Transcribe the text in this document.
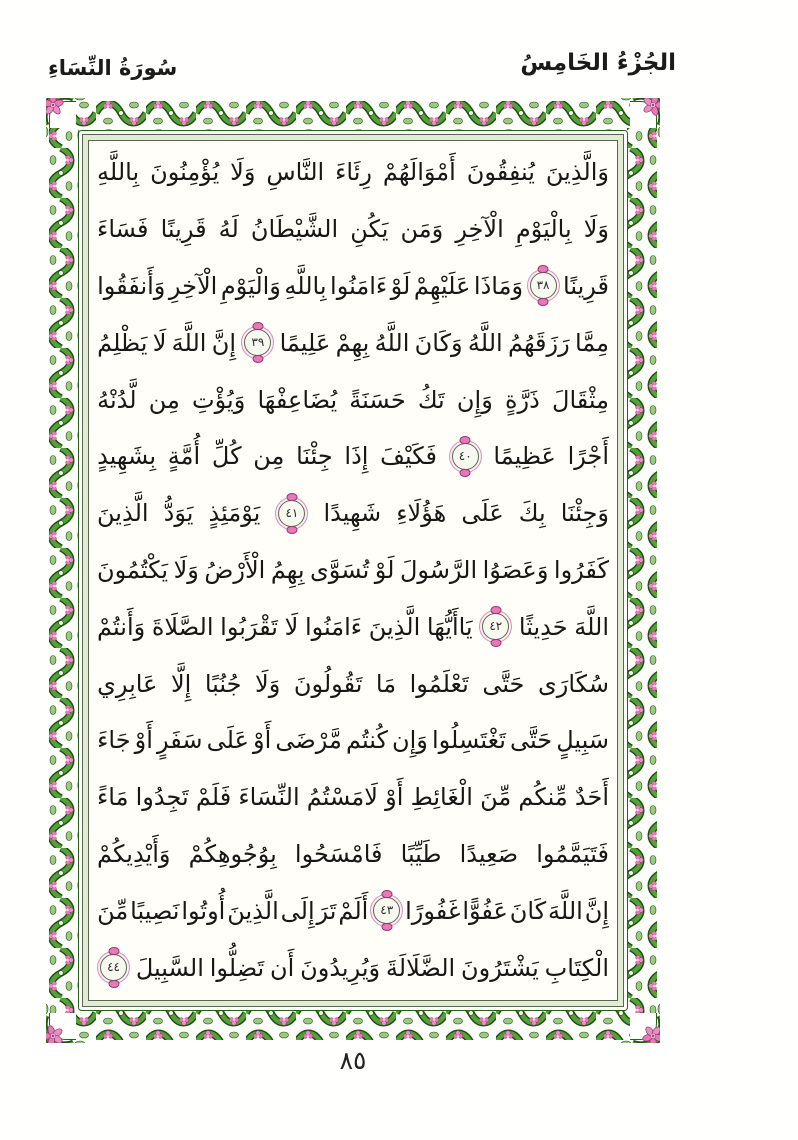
الجُزْءُ الخَامِسُ
سُورَةُ النِّسَاءِ
وَالَّذِينَ
يُنفِقُونَ
أَمْوَالَهُمْ
رِئَاءَ
النَّاسِ
وَلَا
يُؤْمِنُونَ
بِاللَّهِ
وَلَا
بِالْيَوْمِ
الْآخِرِ
وَمَن
يَكُنِ
الشَّيْطَانُ
لَهُ
قَرِينًا
فَسَاءَ
قَرِينًا
٣٨
وَمَاذَا
عَلَيْهِمْ
لَوْ
ءَامَنُوا
بِاللَّهِ
وَالْيَوْمِ
الْآخِرِ
وَأَنفَقُوا
مِمَّا
رَزَقَهُمُ
اللَّهُ
وَكَانَ
اللَّهُ
بِهِمْ
عَلِيمًا
٣٩
إِنَّ
اللَّهَ
لَا
يَظْلِمُ
مِثْقَالَ
ذَرَّةٍ
وَإِن
تَكُ
حَسَنَةً
يُضَاعِفْهَا
وَيُؤْتِ
مِن
لَّدُنْهُ
أَجْرًا
عَظِيمًا
٤٠
فَكَيْفَ
إِذَا
جِئْنَا
مِن
كُلِّ
أُمَّةٍ
بِشَهِيدٍ
وَجِئْنَا
بِكَ
عَلَى
هَؤُلَاءِ
شَهِيدًا
٤١
يَوْمَئِذٍ
يَوَدُّ
الَّذِينَ
كَفَرُوا
وَعَصَوُا
الرَّسُولَ
لَوْ
تُسَوَّى
بِهِمُ
الْأَرْضُ
وَلَا
يَكْتُمُونَ
اللَّهَ
حَدِيثًا
٤٢
يَاأَيُّهَا
الَّذِينَ
ءَامَنُوا
لَا
تَقْرَبُوا
الصَّلَاةَ
وَأَنتُمْ
سُكَارَى
حَتَّى
تَعْلَمُوا
مَا
تَقُولُونَ
وَلَا
جُنُبًا
إِلَّا
عَابِرِي
سَبِيلٍ
حَتَّى
تَغْتَسِلُوا
وَإِن
كُنتُم
مَّرْضَى
أَوْ
عَلَى
سَفَرٍ
أَوْ
جَاءَ
أَحَدٌ
مِّنكُم
مِّنَ
الْغَائِطِ
أَوْ
لَامَسْتُمُ
النِّسَاءَ
فَلَمْ
تَجِدُوا
مَاءً
فَتَيَمَّمُوا
صَعِيدًا
طَيِّبًا
فَامْسَحُوا
بِوُجُوهِكُمْ
وَأَيْدِيكُمْ
إِنَّ
اللَّهَ
كَانَ
عَفُوًّا
غَفُورًا
٤٣
أَلَمْ
تَرَ
إِلَى
الَّذِينَ
أُوتُوا
نَصِيبًا
مِّنَ
الْكِتَابِ
يَشْتَرُونَ
الضَّلَالَةَ
وَيُرِيدُونَ
أَن
تَضِلُّوا
السَّبِيلَ
٤٤
٨٥
